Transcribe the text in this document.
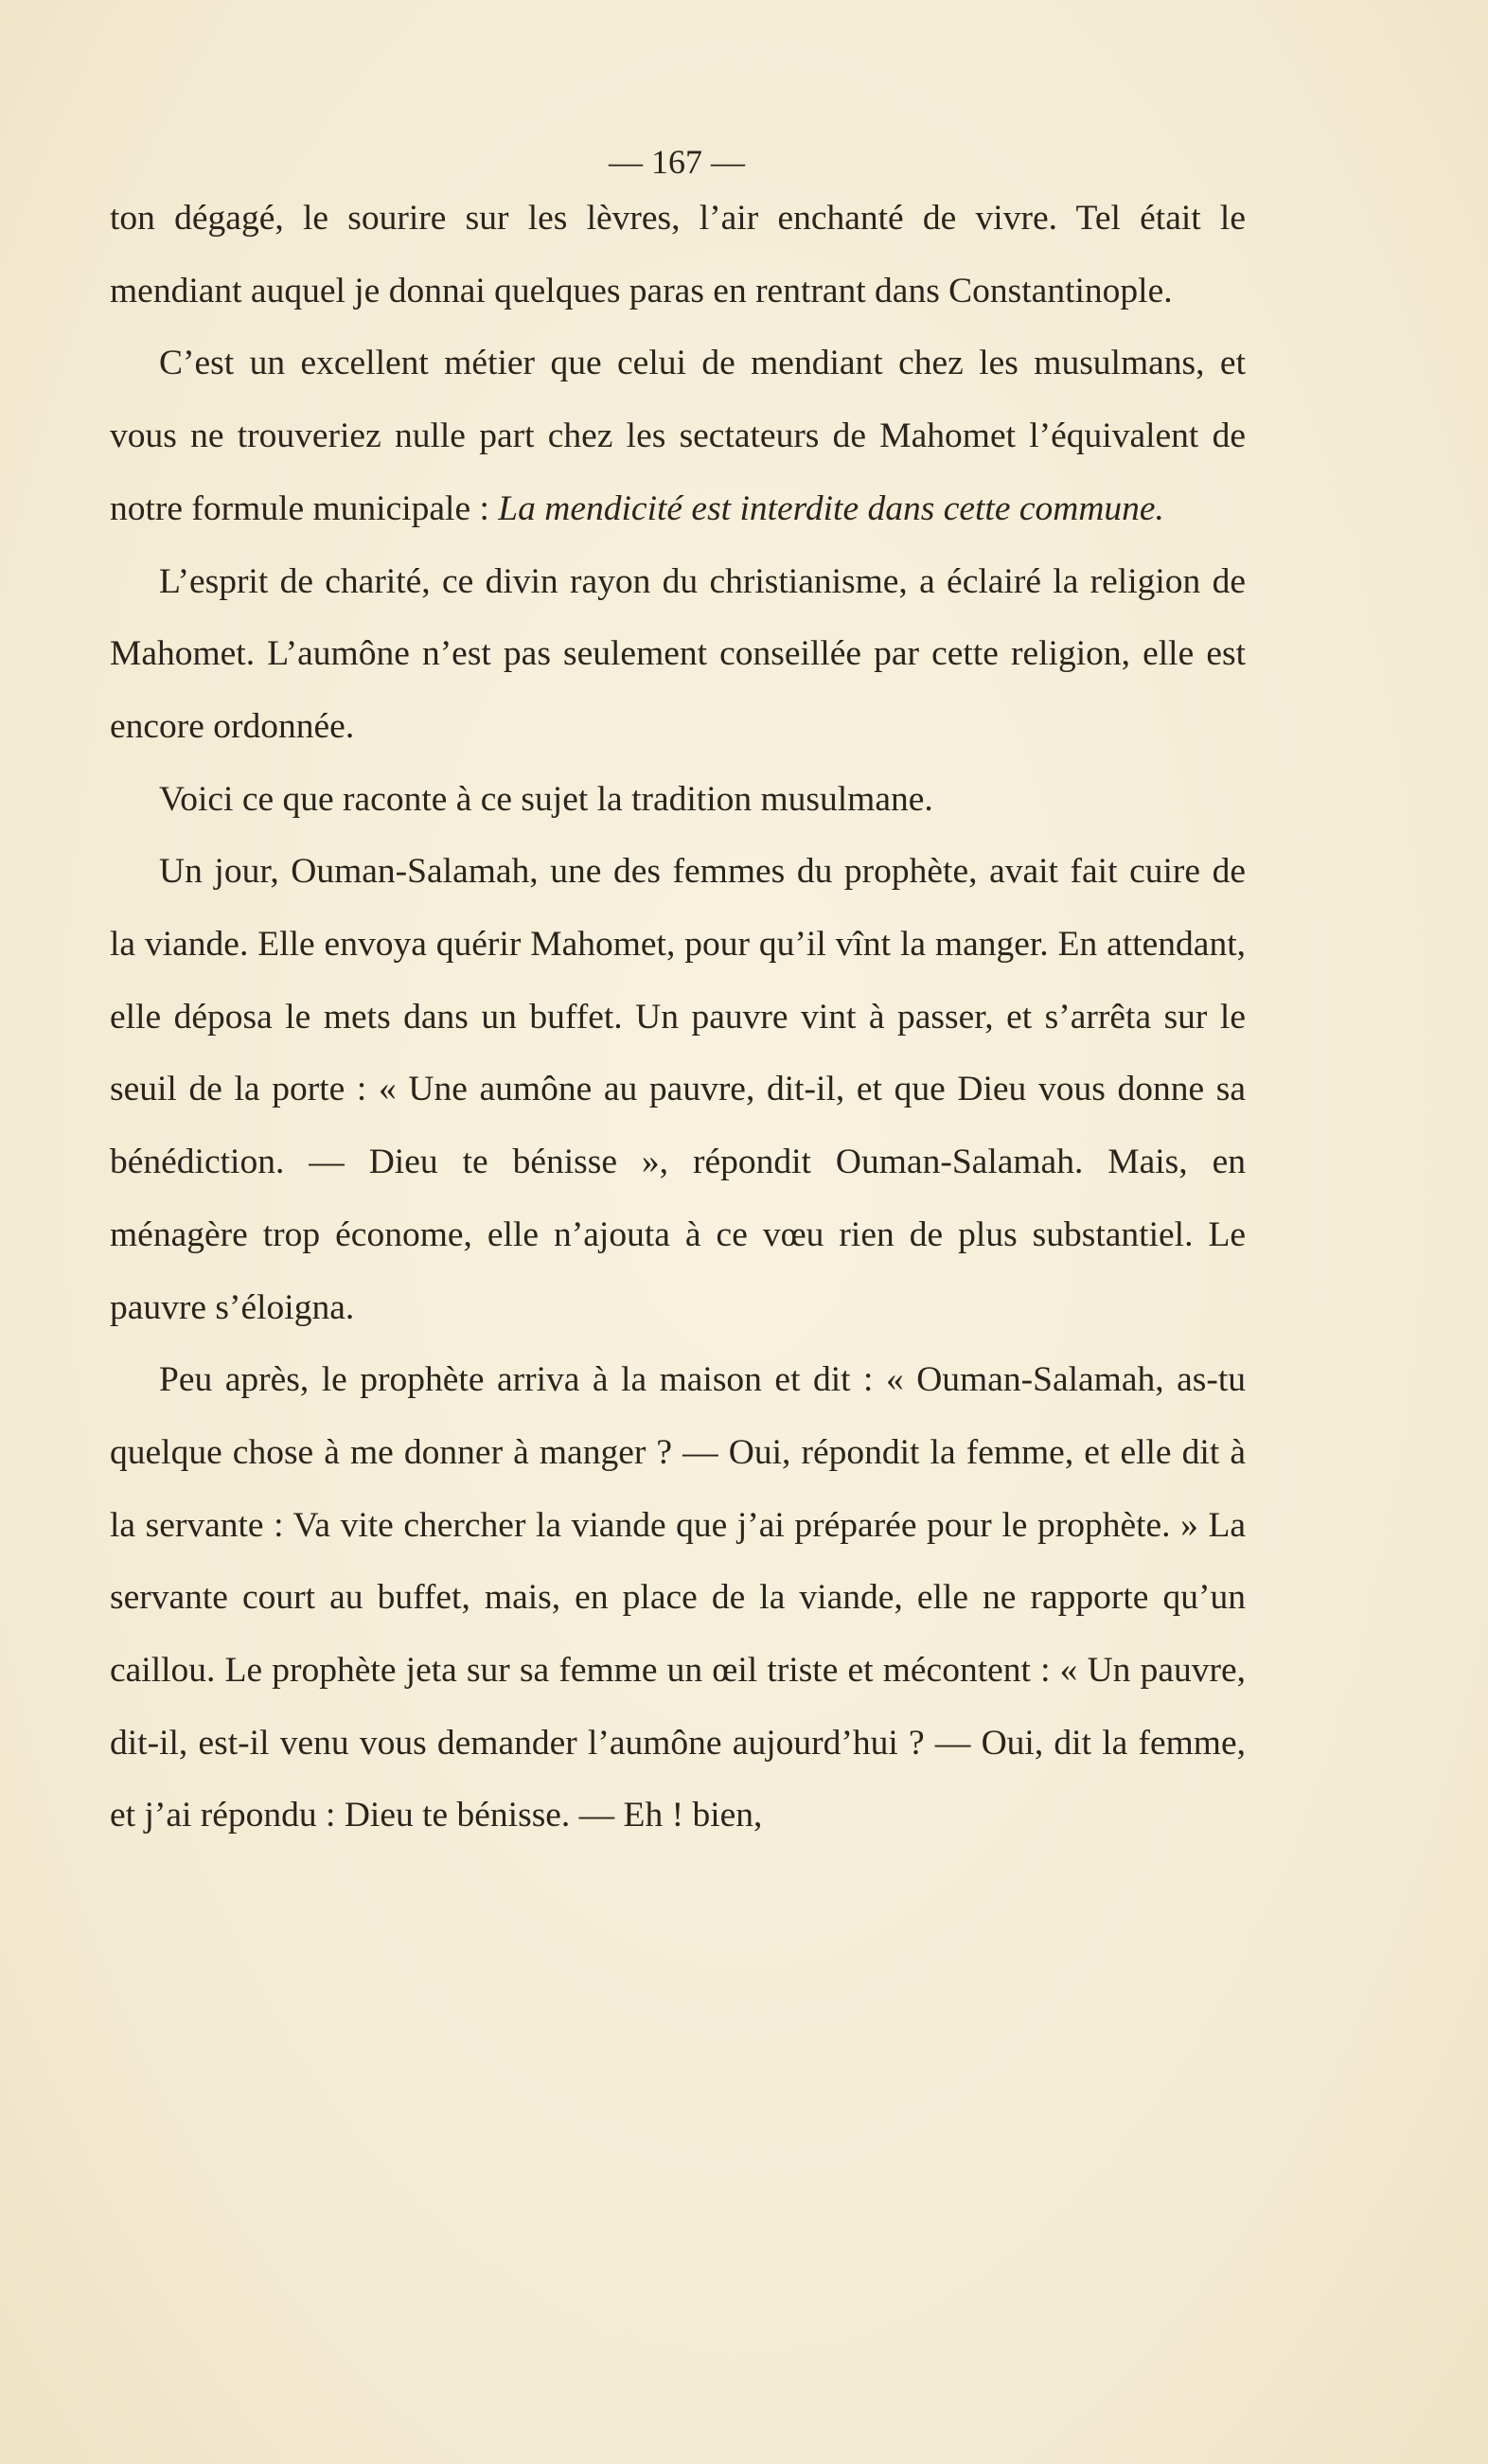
— 167 —

ton dégagé, le sourire sur les lèvres, l’air enchanté de vivre. Tel était le mendiant auquel je donnai quelques paras en rentrant dans Constantinople.

C’est un excellent métier que celui de mendiant chez les musulmans, et vous ne trouveriez nulle part chez les sectateurs de Mahomet l’équivalent de notre formule municipale : La mendicité est interdite dans cette commune.

L’esprit de charité, ce divin rayon du christianisme, a éclairé la religion de Mahomet. L’aumône n’est pas seulement conseillée par cette religion, elle est encore ordonnée.

Voici ce que raconte à ce sujet la tradition musulmane.

Un jour, Ouman-Salamah, une des femmes du prophète, avait fait cuire de la viande. Elle envoya quérir Mahomet, pour qu’il vînt la manger. En attendant, elle déposa le mets dans un buffet. Un pauvre vint à passer, et s’arrêta sur le seuil de la porte : « Une aumône au pauvre, dit-il, et que Dieu vous donne sa bénédiction. — Dieu te bénisse », répondit Ouman-Salamah. Mais, en ménagère trop économe, elle n’ajouta à ce vœu rien de plus substantiel. Le pauvre s’éloigna.

Peu après, le prophète arriva à la maison et dit : « Ouman-Salamah, as-tu quelque chose à me donner à manger ? — Oui, répondit la femme, et elle dit à la servante : Va vite chercher la viande que j’ai préparée pour le prophète. » La servante court au buffet, mais, en place de la viande, elle ne rapporte qu’un caillou. Le prophète jeta sur sa femme un œil triste et mécontent : « Un pauvre, dit-il, est-il venu vous demander l’aumône aujourd’hui ? — Oui, dit la femme, et j’ai répondu : Dieu te bénisse. — Eh ! bien,
